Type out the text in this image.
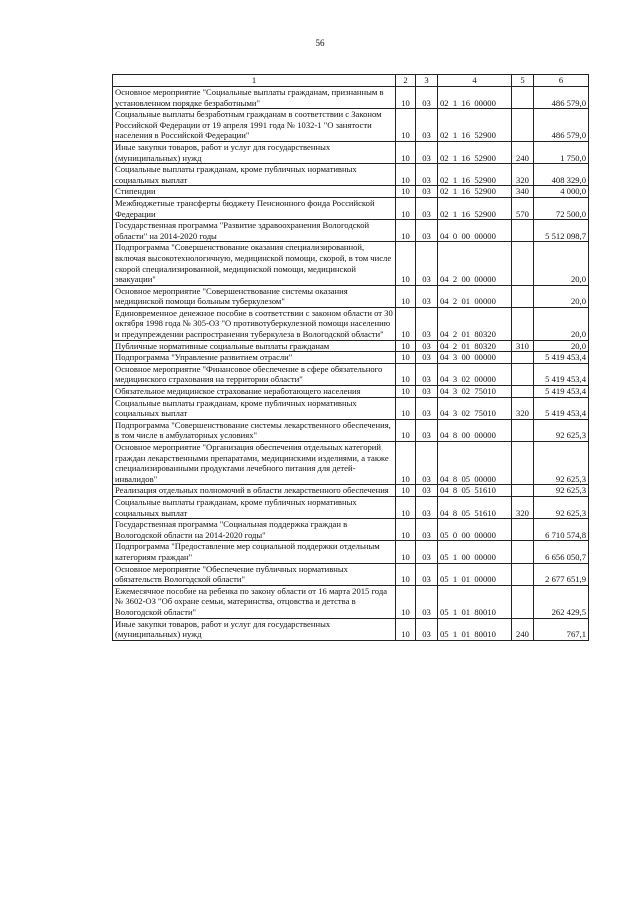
56
1	2	3	4	5	6
Основное мероприятие "Социальные выплаты гражданам, признанным в установленном порядке безработными"	10	03	02  1  16  00000		486 579,0
Социальные выплаты безработным гражданам в соответствии с Законом Российской Федерации от 19 апреля 1991 года № 1032-1 "О занятости населения в Российской Федерации"	10	03	02  1  16  52900		486 579,0
Иные закупки товаров, работ и услуг для государственных (муниципальных) нужд	10	03	02  1  16  52900	240	1 750,0
Социальные выплаты гражданам, кроме публичных нормативных социальных выплат	10	03	02  1  16  52900	320	408 329,0
Стипендии	10	03	02  1  16  52900	340	4 000,0
Межбюджетные трансферты бюджету Пенсионного фонда Российской Федерации	10	03	02  1  16  52900	570	72 500,0
Государственная программа "Развитие здравоохранения Вологодской области" на 2014-2020 годы	10	03	04  0  00  00000		5 512 098,7
Подпрограмма "Совершенствование оказания специализированной, включая высокотехнологичную, медицинской помощи, скорой, в том числе скорой специализированной, медицинской помощи, медицинской эвакуации"	10	03	04  2  00  00000		20,0
Основное мероприятие "Совершенствование системы оказания медицинской помощи больным туберкулезом"	10	03	04  2  01  00000		20,0
Единовременное денежное пособие в соответствии с законом области от 30 октября 1998 года № 305-ОЗ "О противотуберкулезной помощи населению и предупреждении распространения туберкулеза в Вологодской области"	10	03	04  2  01  80320		20,0
Публичные нормативные социальные выплаты гражданам	10	03	04  2  01  80320	310	20,0
Подпрограмма "Управление развитием отрасли"	10	03	04  3  00  00000		5 419 453,4
Основное мероприятие "Финансовое обеспечение в сфере обязательного медицинского страхования на территории области"	10	03	04  3  02  00000		5 419 453,4
Обязательное медицинское страхование неработающего населения	10	03	04  3  02  75010		5 419 453,4
Социальные выплаты гражданам, кроме публичных нормативных социальных выплат	10	03	04  3  02  75010	320	5 419 453,4
Подпрограмма "Совершенствование системы лекарственного обеспечения, в том числе в амбулаторных условиях"	10	03	04  8  00  00000		92 625,3
Основное мероприятие "Организация обеспечения отдельных категорий граждан лекарственными препаратами, медицинскими изделиями, а также специализированными продуктами лечебного питания для детей-инвалидов"	10	03	04  8  05  00000		92 625,3
Реализация отдельных полномочий в области лекарственного обеспечения	10	03	04  8  05  51610		92 625,3
Социальные выплаты гражданам, кроме публичных нормативных социальных выплат	10	03	04  8  05  51610	320	92 625,3
Государственная программа "Социальная поддержка граждан в Вологодской области на 2014-2020 годы"	10	03	05  0  00  00000		6 710 574,8
Подпрограмма "Предоставление мер социальной поддержки отдельным категориям граждан"	10	03	05  1  00  00000		6 656 050,7
Основное мероприятие "Обеспечение публичных нормативных обязательств Вологодской области"	10	03	05  1  01  00000		2 677 651,9
Ежемесячное пособие на ребенка по закону области от 16 марта 2015 года № 3602-ОЗ "Об охране семьи, материнства, отцовства и детства в Вологодской области"	10	03	05  1  01  80010		262 429,5
Иные закупки товаров, работ и услуг для государственных (муниципальных) нужд	10	03	05  1  01  80010	240	767,1
